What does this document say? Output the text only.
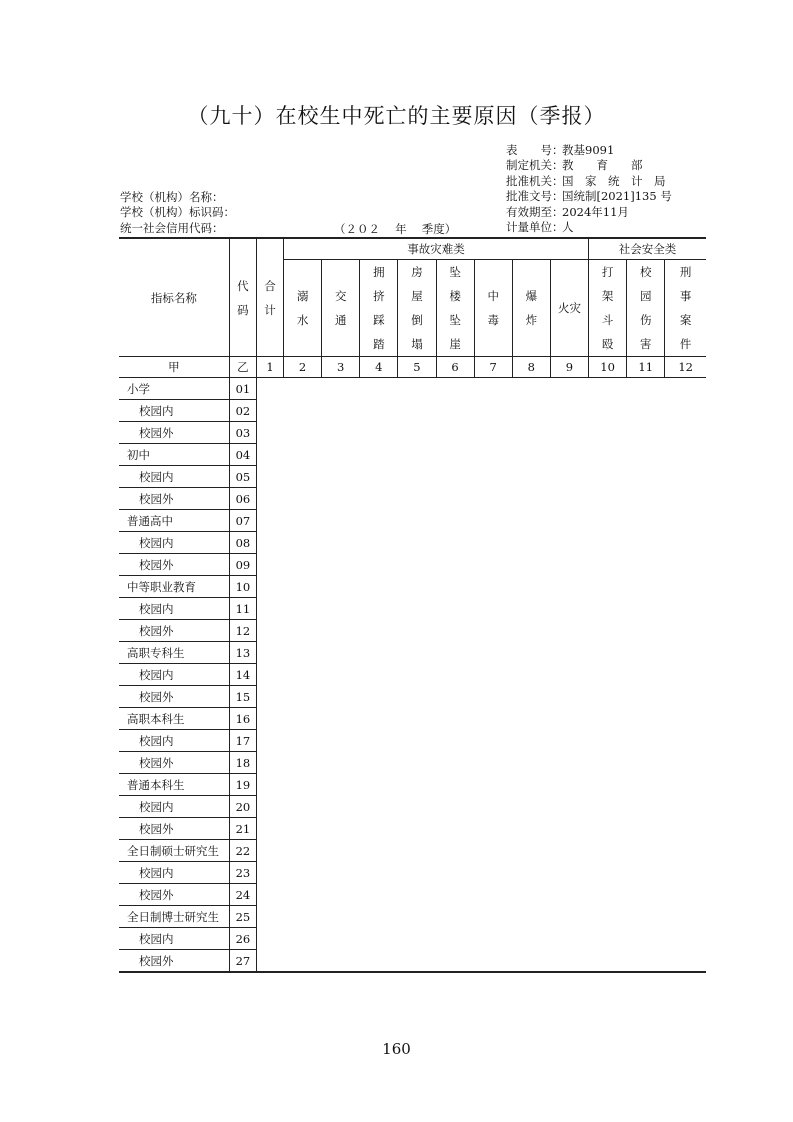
（九十）在校生中死亡的主要原因（季报）
表　　号：教基9091
制定机关：教　　育　　部
批准机关：国　家　统　计　局
批准文号：国统制[2021]135 号
有效期至：2024年11月
计量单位：人
学校（机构）名称：
学校（机构）标识码：
统一社会信用代码：	（２０２　 年　 季度）
指标名称	代码	合计	事故灾难类								社会安全类		
			溺水	交通	拥挤踩踏	房屋倒塌	坠楼坠崖	中毒	爆炸	火灾	打架斗殴	校园伤害	刑事案件
甲	乙	1	2	3	4	5	6	7	8	9	10	11	12
小学	01												
校园内	02												
校园外	03												
初中	04												
校园内	05												
校园外	06												
普通高中	07												
校园内	08												
校园外	09												
中等职业教育	10												
校园内	11												
校园外	12												
高职专科生	13												
校园内	14												
校园外	15												
高职本科生	16												
校园内	17												
校园外	18												
普通本科生	19												
校园内	20												
校园外	21												
全日制硕士研究生	22												
校园内	23												
校园外	24												
全日制博士研究生	25												
校园内	26												
校园外	27												
160
